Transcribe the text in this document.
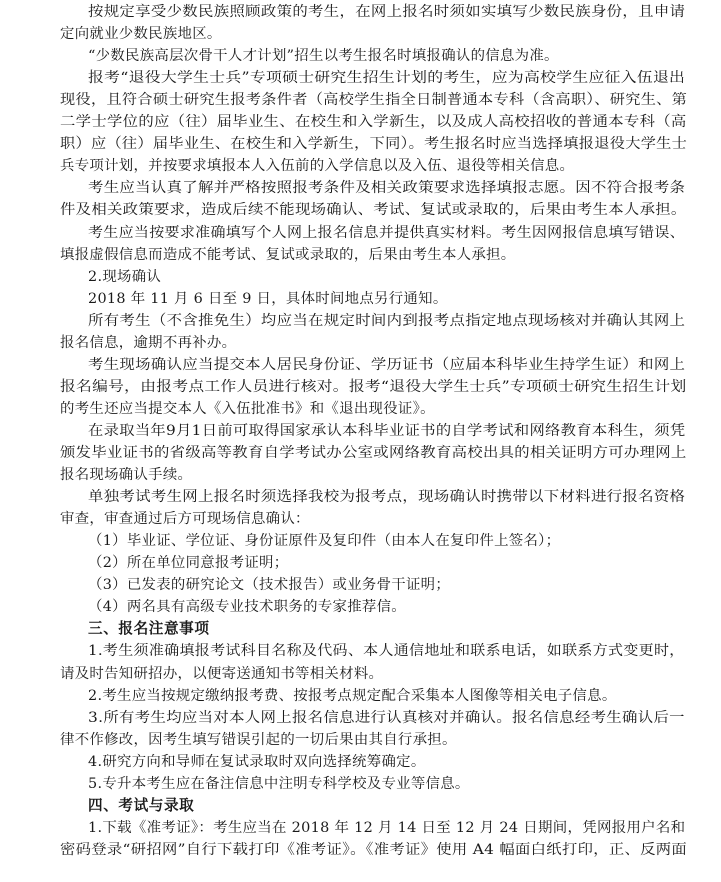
按规定享受少数民族照顾政策的考生，在网上报名时须如实填写少数民族身份，且申请
定向就业少数民族地区。
“少数民族高层次骨干人才计划”招生以考生报名时填报确认的信息为准。
报考“退役大学生士兵”专项硕士研究生招生计划的考生，应为高校学生应征入伍退出
现役，且符合硕士研究生报考条件者（高校学生指全日制普通本专科（含高职）、研究生、第
二学士学位的应（往）届毕业生、在校生和入学新生，以及成人高校招收的普通本专科（高
职）应（往）届毕业生、在校生和入学新生，下同）。考生报名时应当选择填报退役大学生士
兵专项计划，并按要求填报本人入伍前的入学信息以及入伍、退役等相关信息。
考生应当认真了解并严格按照报考条件及相关政策要求选择填报志愿。因不符合报考条
件及相关政策要求，造成后续不能现场确认、考试、复试或录取的，后果由考生本人承担。
考生应当按要求准确填写个人网上报名信息并提供真实材料。考生因网报信息填写错误、
填报虚假信息而造成不能考试、复试或录取的，后果由考生本人承担。
2.现场确认
2018 年 11 月 6 日至 9 日，具体时间地点另行通知。
所有考生（不含推免生）均应当在规定时间内到报考点指定地点现场核对并确认其网上
报名信息，逾期不再补办。
考生现场确认应当提交本人居民身份证、学历证书（应届本科毕业生持学生证）和网上
报名编号，由报考点工作人员进行核对。报考“退役大学生士兵”专项硕士研究生招生计划
的考生还应当提交本人《入伍批准书》和《退出现役证》。
在录取当年9月1日前可取得国家承认本科毕业证书的自学考试和网络教育本科生，须凭
颁发毕业证书的省级高等教育自学考试办公室或网络教育高校出具的相关证明方可办理网上
报名现场确认手续。
单独考试考生网上报名时须选择我校为报考点，现场确认时携带以下材料进行报名资格
审查，审查通过后方可现场信息确认：
（1）毕业证、学位证、身份证原件及复印件（由本人在复印件上签名）；
（2）所在单位同意报考证明；
（3）已发表的研究论文（技术报告）或业务骨干证明；
（4）两名具有高级专业技术职务的专家推荐信。
三、报名注意事项
1.考生须准确填报考试科目名称及代码、本人通信地址和联系电话，如联系方式变更时，
请及时告知研招办，以便寄送通知书等相关材料。
2.考生应当按规定缴纳报考费、按报考点规定配合采集本人图像等相关电子信息。
3.所有考生均应当对本人网上报名信息进行认真核对并确认。报名信息经考生确认后一
律不作修改，因考生填写错误引起的一切后果由其自行承担。
4.研究方向和导师在复试录取时双向选择统筹确定。
5.专升本考生应在备注信息中注明专科学校及专业等信息。
四、考试与录取
1.下载《准考证》：考生应当在 2018 年 12 月 14 日至 12 月 24 日期间，凭网报用户名和
密码登录“研招网”自行下载打印《准考证》。《准考证》使用 A4 幅面白纸打印，正、反两面
